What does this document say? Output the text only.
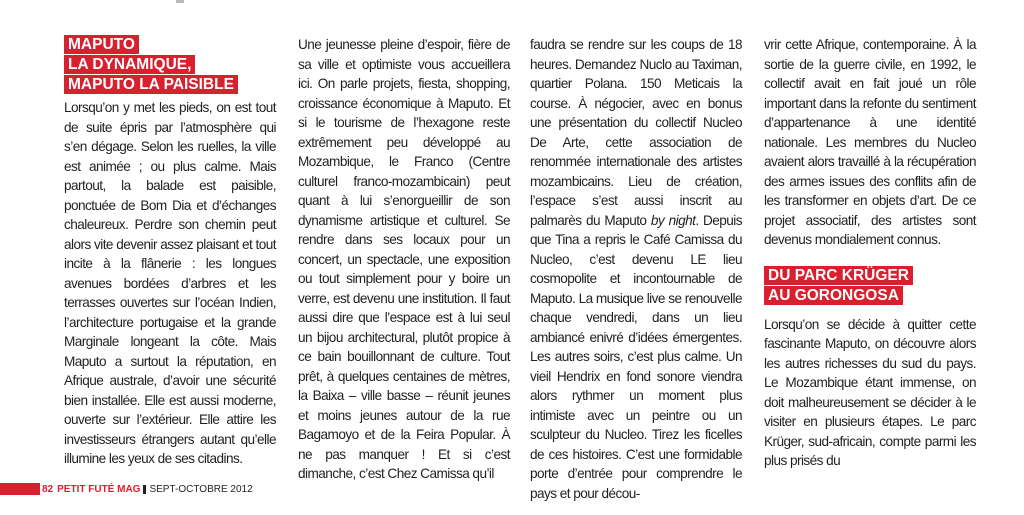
MAPUTO
LA DYNAMIQUE,
MAPUTO LA PAISIBLE

Lorsqu’on y met les pieds, on est tout de suite épris par l’atmosphère qui s’en dégage. Selon les ruelles, la ville est animée ; ou plus calme. Mais partout, la balade est paisible, ponctuée de Bom Dia et d’échanges chaleureux. Perdre son chemin peut alors vite devenir assez plaisant et tout incite à la flânerie : les longues avenues bordées d’arbres et les terrasses ouvertes sur l’océan Indien, l’architecture portugaise et la grande Marginale longeant la côte. Mais Maputo a surtout la réputation, en Afrique australe, d’avoir une sécurité bien installée. Elle est aussi moderne, ouverte sur l’extérieur. Elle attire les investisseurs étrangers autant qu’elle illumine les yeux de ses citadins.

Une jeunesse pleine d’espoir, fière de sa ville et optimiste vous accueillera ici. On parle projets, fiesta, shopping, croissance économique à Maputo. Et si le tourisme de l’hexagone reste extrêmement peu développé au Mozambique, le Franco (Centre culturel franco-mozambicain) peut quant à lui s’enorgueillir de son dynamisme artistique et culturel. Se rendre dans ses locaux pour un concert, un spectacle, une exposition ou tout simplement pour y boire un verre, est devenu une institution. Il faut aussi dire que l’espace est à lui seul un bijou architectural, plutôt propice à ce bain bouillonnant de culture. Tout prêt, à quelques centaines de mètres, la Baixa – ville basse – réunit jeunes et moins jeunes autour de la rue Bagamoyo et de la Feira Popular. À ne pas manquer ! Et si c’est dimanche, c’est Chez Camissa qu’il

faudra se rendre sur les coups de 18 heures. Demandez Nuclo au Taximan, quartier Polana. 150 Meticais la course. À négocier, avec en bonus une présentation du collectif Nucleo De Arte, cette association de renommée internationale des artistes mozambicains. Lieu de création, l’espace s’est aussi inscrit au palmarès du Maputo by night. Depuis que Tina a repris le Café Camissa du Nucleo, c’est devenu LE lieu cosmopolite et incontournable de Maputo. La musique live se renouvelle chaque vendredi, dans un lieu ambiancé enivré d’idées émergentes. Les autres soirs, c’est plus calme. Un vieil Hendrix en fond sonore viendra alors rythmer un moment plus intimiste avec un peintre ou un sculpteur du Nucleo. Tirez les ficelles de ces histoires. C’est une formidable porte d’entrée pour comprendre le pays et pour décou-

vrir cette Afrique, contemporaine. À la sortie de la guerre civile, en 1992, le collectif avait en fait joué un rôle important dans la refonte du sentiment d’appartenance à une identité nationale. Les membres du Nucleo avaient alors travaillé à la récupération des armes issues des conflits afin de les transformer en objets d’art. De ce projet associatif, des artistes sont devenus mondialement connus.

DU PARC KRÜGER
AU GORONGOSA

Lorsqu’on se décide à quitter cette fascinante Maputo, on découvre alors les autres richesses du sud du pays. Le Mozambique étant immense, on doit malheureusement se décider à le visiter en plusieurs étapes. Le parc Krüger, sud-africain, compte parmi les plus prisés du

82 PETIT FUTÉ MAG SEPT-OCTOBRE 2012
